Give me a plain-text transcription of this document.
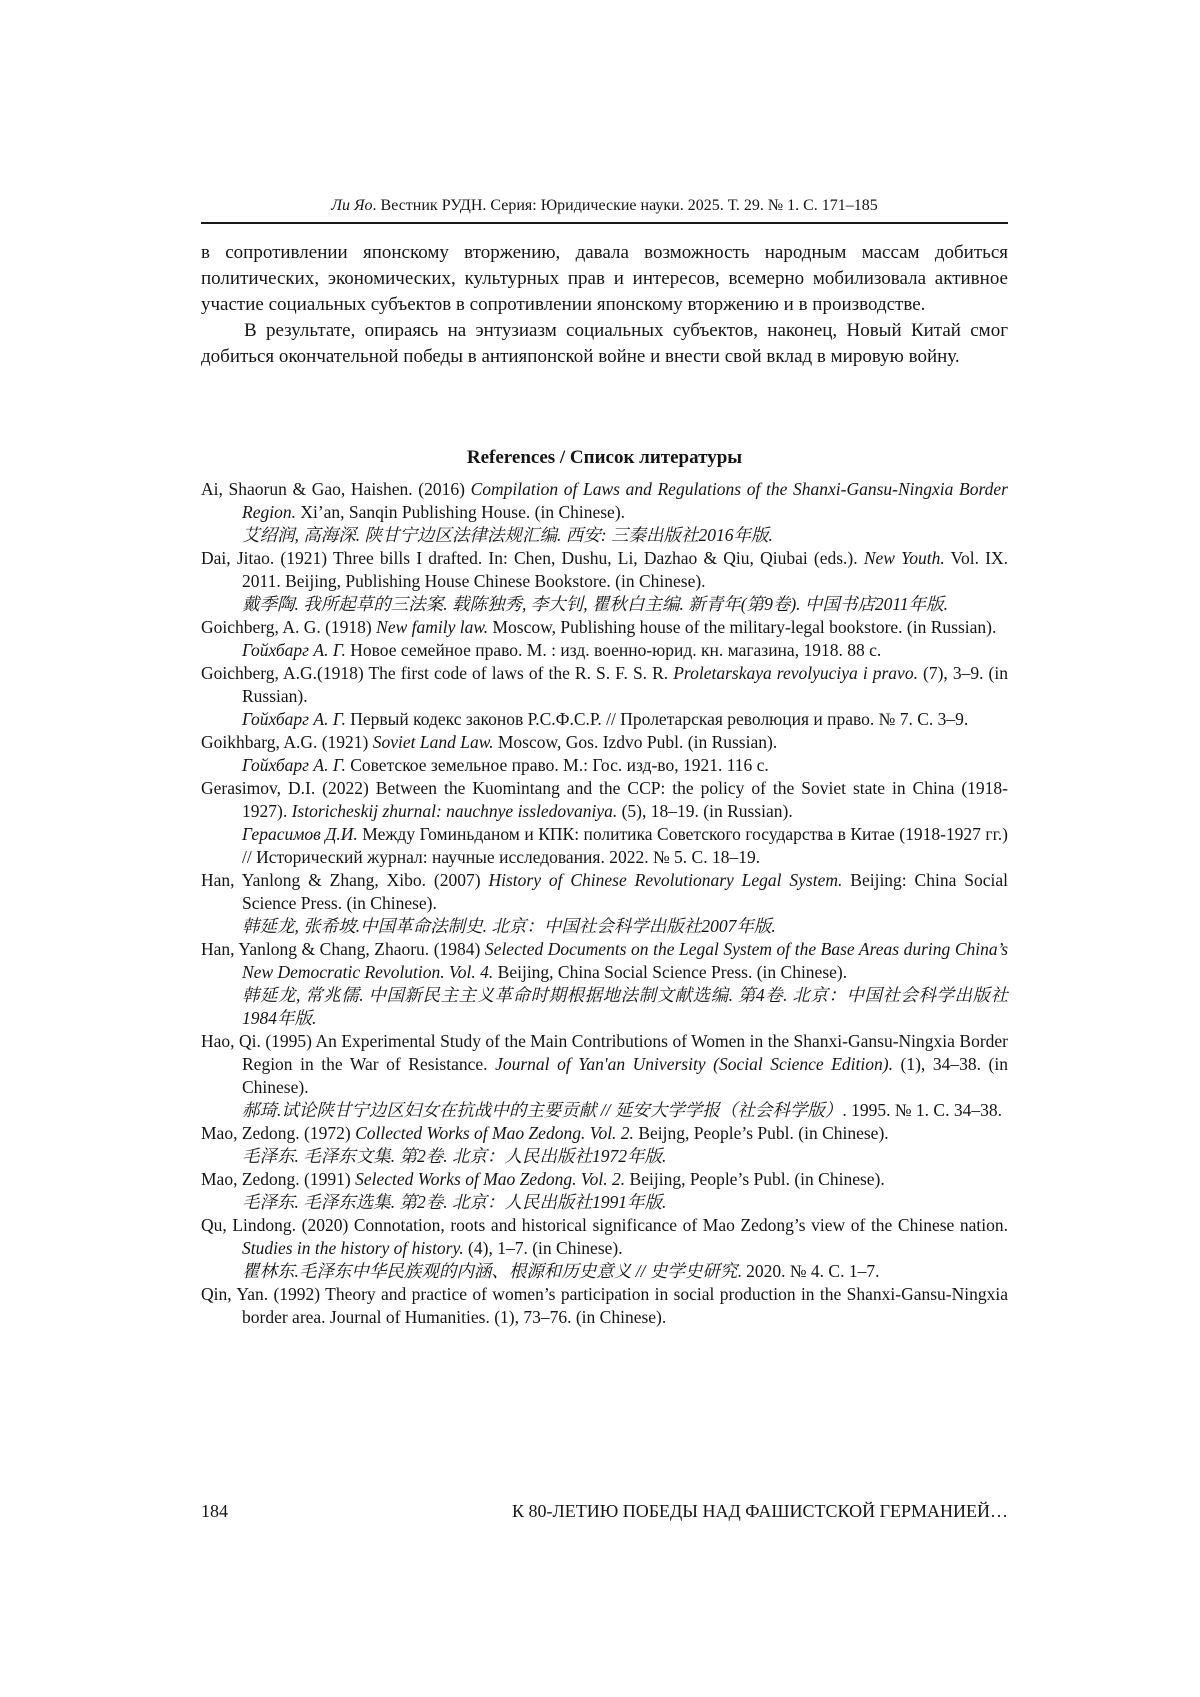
Ли Яо. Вестник РУДН. Серия: Юридические науки. 2025. Т. 29. № 1. С. 171–185

в сопротивлении японскому вторжению, давала возможность народным массам добиться политических, экономических, культурных прав и интересов, всемерно мобилизовала активное участие социальных субъектов в сопротивлении японскому вторжению и в производстве.

В результате, опираясь на энтузиазм социальных субъектов, наконец, Новый Китай смог добиться окончательной победы в антияпонской войне и внести свой вклад в мировую войну.

References / Список литературы

Ai, Shaorun & Gao, Haishen. (2016) Compilation of Laws and Regulations of the Shanxi-Gansu-Ningxia Border Region. Xi’an, Sanqin Publishing House. (in Chinese).

艾绍润, 高海深. 陕甘宁边区法律法规汇编. 西安: 三秦出版社2016年版.

Dai, Jitao. (1921) Three bills I drafted. In: Chen, Dushu, Li, Dazhao & Qiu, Qiubai (eds.). New Youth. Vol. IX. 2011. Beijing, Publishing House Chinese Bookstore. (in Chinese).

戴季陶. 我所起草的三法案. 载陈独秀, 李大钊, 瞿秋白主编. 新青年(第9卷). 中国书店2011年版.

Goichberg, A. G. (1918) New family law. Moscow, Publishing house of the military-legal bookstore. (in Russian).

Гойхбарг А. Г. Новое семейное право. М. : изд. военно-юрид. кн. магазина, 1918. 88 с.

Goichberg, A.G.(1918) The first code of laws of the R. S. F. S. R. Proletarskaya revolyuciya i pravo. (7), 3–9. (in Russian).

Гойхбарг А. Г. Первый кодекс законов Р.С.Ф.С.Р. // Пролетарская революция и право. № 7. С. 3–9.

Goikhbarg, A.G. (1921) Soviet Land Law. Moscow, Gos. Izdvo Publ. (in Russian).

Гойхбарг А. Г. Советское земельное право. М.: Гос. изд-во, 1921. 116 с.

Gerasimov, D.I. (2022) Between the Kuomintang and the CCP: the policy of the Soviet state in China (1918-1927). Istoricheskij zhurnal: nauchnye issledovaniya. (5), 18–19. (in Russian).

Герасимов Д.И. Между Гоминьданом и КПК: политика Советского государства в Китае (1918-1927 гг.) // Исторический журнал: научные исследования. 2022. № 5. С. 18–19.

Han, Yanlong & Zhang, Xibo. (2007) History of Chinese Revolutionary Legal System. Beijing: China Social Science Press. (in Chinese).

韩延龙, 张希坡.中国革命法制史. 北京：中国社会科学出版社2007年版.

Han, Yanlong & Chang, Zhaoru. (1984) Selected Documents on the Legal System of the Base Areas during China’s New Democratic Revolution. Vol. 4. Beijing, China Social Science Press. (in Chinese).

韩延龙, 常兆儒. 中国新民主主义革命时期根据地法制文献选编. 第4卷. 北京：中国社会科学出版社1984年版.

Hao, Qi. (1995) An Experimental Study of the Main Contributions of Women in the Shanxi-Gansu-Ningxia Border Region in the War of Resistance. Journal of Yan'an University (Social Science Edition). (1), 34–38. (in Chinese).

郝琦.试论陕甘宁边区妇女在抗战中的主要贡献 // 延安大学学报（社会科学版）. 1995. № 1. С. 34–38.

Mao, Zedong. (1972) Collected Works of Mao Zedong. Vol. 2. Beijng, People’s Publ. (in Chinese).

毛泽东. 毛泽东文集. 第2卷. 北京：人民出版社1972年版.

Mao, Zedong. (1991) Selected Works of Mao Zedong. Vol. 2. Beijing, People’s Publ. (in Chinese).

毛泽东. 毛泽东选集. 第2卷. 北京：人民出版社1991年版.

Qu, Lindong. (2020) Connotation, roots and historical significance of Mao Zedong’s view of the Chinese nation. Studies in the history of history. (4), 1–7. (in Chinese).

瞿林东.毛泽东中华民族观的内涵、根源和历史意义 // 史学史研究. 2020. № 4. С. 1–7.

Qin, Yan. (1992) Theory and practice of women’s participation in social production in the Shanxi-Gansu-Ningxia border area. Journal of Humanities. (1), 73–76. (in Chinese).

184	К 80-ЛЕТИЮ ПОБЕДЫ НАД ФАШИСТСКОЙ ГЕРМАНИЕЙ…
